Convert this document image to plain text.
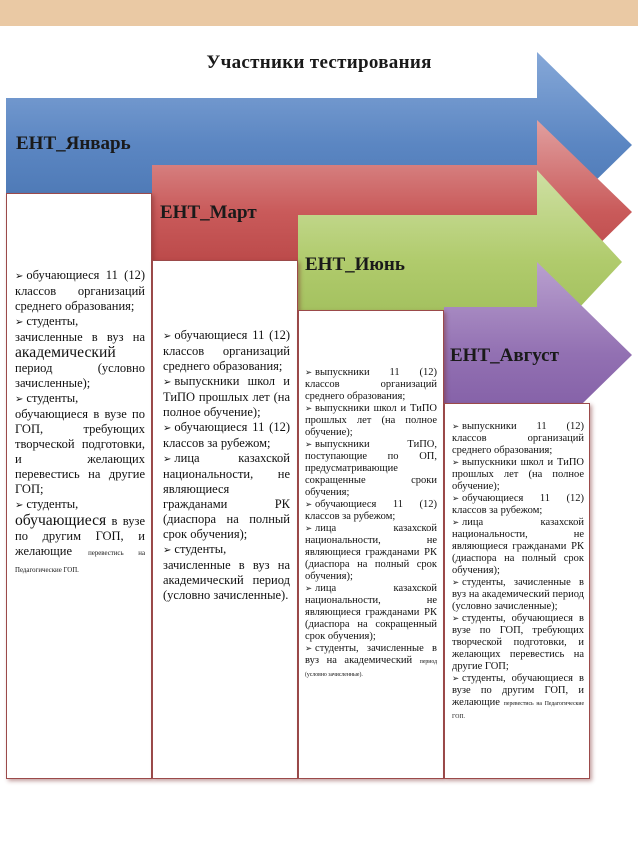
Участники тестирования
ЕНТ_Январь
ЕНТ_Март
ЕНТ_Июнь
ЕНТ_Август

➢ обучающиеся 11 (12) классов организаций среднего образования;

➢ студенты, зачисленные в вуз на академический период (условно зачисленные);

➢ студенты, обучающиеся в вузе по ГОП, требующих творческой подготовки, и желающих перевестись на другие ГОП;

➢ студенты, обучающиеся в вузе по другим ГОП, и желающие перевестись на Педагогические ГОП.

➢ обучающиеся 11 (12) классов организаций среднего образования;

➢ выпускники школ и ТиПО прошлых лет (на полное обучение);

➢ обучающиеся 11 (12) классов за рубежом;

➢ лица казахской национальности, не являющиеся гражданами РК (диаспора на полный срок обучения);

➢ студенты, зачисленные в вуз на академический период (условно зачисленные).

➢ выпускники 11 (12) классов организаций среднего образования;

➢ выпускники школ и ТиПО прошлых лет (на полное обучение);

➢ выпускники ТиПО, поступающие по ОП, предусматривающие сокращенные сроки обучения;

➢ обучающиеся 11 (12) классов за рубежом;

➢ лица казахской национальности, не являющиеся гражданами РК (диаспора на полный срок обучения);

➢ лица казахской национальности, не являющиеся гражданами РК (диаспора на сокращенный срок обучения);

➢ студенты, зачисленные в вуз на академический период (условно зачисленные).

➢ выпускники 11 (12) классов организаций среднего образования;

➢ выпускники школ и ТиПО прошлых лет (на полное обучение);

➢ обучающиеся 11 (12) классов за рубежом;

➢ лица казахской национальности, не являющиеся гражданами РК (диаспора на полный срок обучения);

➢ студенты, зачисленные в вуз на академический период (условно зачисленные);

➢ студенты, обучающиеся в вузе по ГОП, требующих творческой подготовки, и желающих перевестись на другие ГОП;

➢ студенты, обучающиеся в вузе по другим ГОП, и желающие перевестись на Педагогические ГОП.
